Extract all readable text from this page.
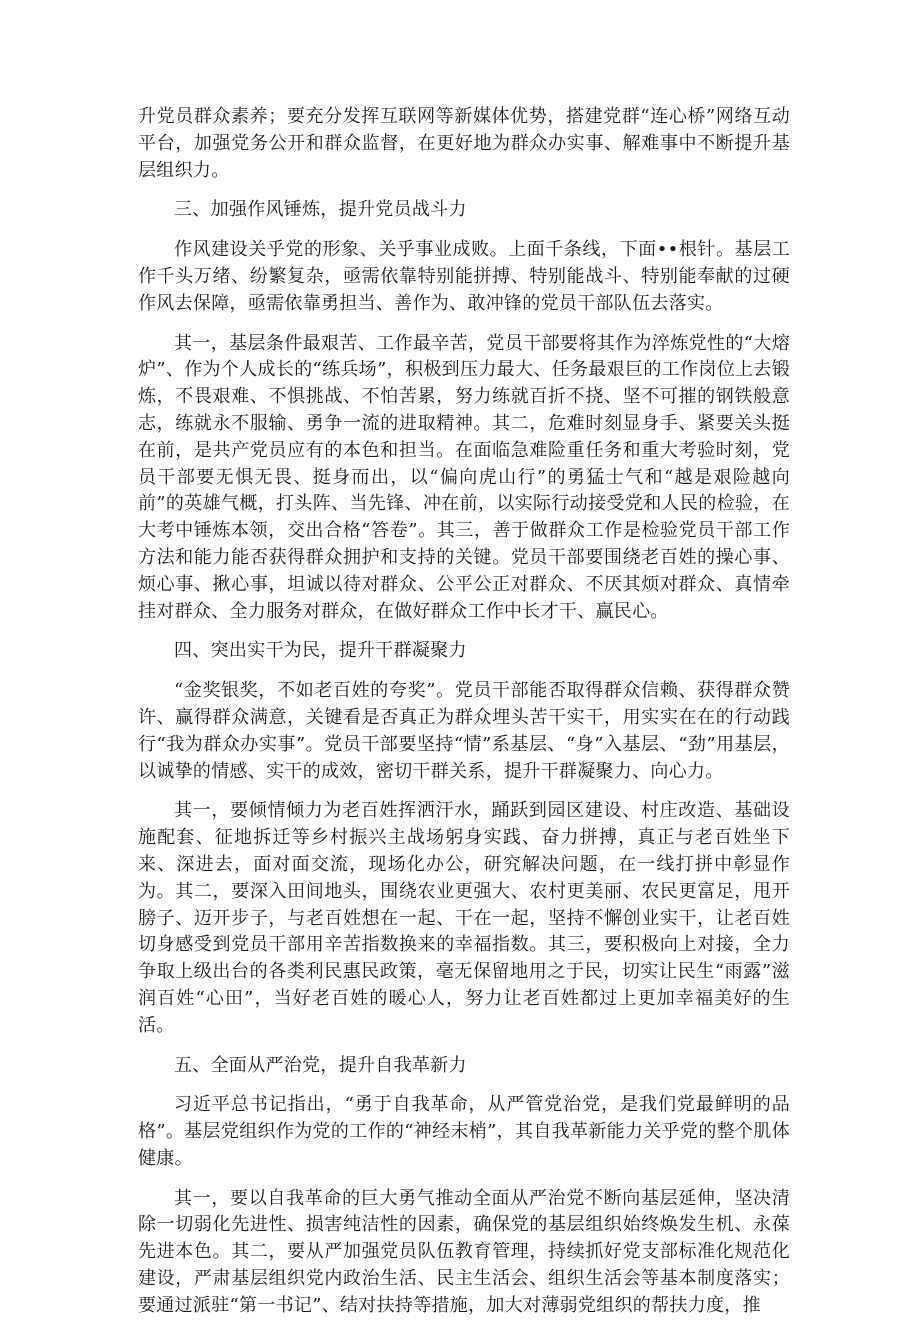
升党员群众素养；要充分发挥互联网等新媒体优势，搭建党群“连心桥”网络互动平台，加强党务公开和群众监督，在更好地为群众办实事、解难事中不断提升基层组织力。

三、加强作风锤炼，提升党员战斗力

作风建设关乎党的形象、关乎事业成败。上面千条线，下面••根针。基层工作千头万绪、纷繁复杂，亟需依靠特别能拼搏、特别能战斗、特别能奉献的过硬作风去保障，亟需依靠勇担当、善作为、敢冲锋的党员干部队伍去落实。

其一，基层条件最艰苦、工作最辛苦，党员干部要将其作为淬炼党性的“大熔炉”、作为个人成长的“练兵场”，积极到压力最大、任务最艰巨的工作岗位上去锻炼，不畏艰难、不惧挑战、不怕苦累，努力练就百折不挠、坚不可摧的钢铁般意志，练就永不服输、勇争一流的进取精神。其二，危难时刻显身手、紧要关头挺在前，是共产党员应有的本色和担当。在面临急难险重任务和重大考验时刻，党员干部要无惧无畏、挺身而出，以“偏向虎山行”的勇猛士气和“越是艰险越向前”的英雄气概，打头阵、当先锋、冲在前，以实际行动接受党和人民的检验，在大考中锤炼本领，交出合格“答卷”。其三，善于做群众工作是检验党员干部工作方法和能力能否获得群众拥护和支持的关键。党员干部要围绕老百姓的操心事、烦心事、揪心事，坦诚以待对群众、公平公正对群众、不厌其烦对群众、真情牵挂对群众、全力服务对群众，在做好群众工作中长才干、赢民心。

四、突出实干为民，提升干群凝聚力

“金奖银奖，不如老百姓的夸奖”。党员干部能否取得群众信赖、获得群众赞许、赢得群众满意，关键看是否真正为群众埋头苦干实干，用实实在在的行动践行“我为群众办实事”。党员干部要坚持“情”系基层、“身”入基层、“劲”用基层，以诚挚的情感、实干的成效，密切干群关系，提升干群凝聚力、向心力。

其一，要倾情倾力为老百姓挥洒汗水，踊跃到园区建设、村庄改造、基础设施配套、征地拆迁等乡村振兴主战场躬身实践、奋力拼搏，真正与老百姓坐下来、深进去，面对面交流，现场化办公，研究解决问题，在一线打拼中彰显作为。其二，要深入田间地头，围绕农业更强大、农村更美丽、农民更富足，甩开膀子、迈开步子，与老百姓想在一起、干在一起，坚持不懈创业实干，让老百姓切身感受到党员干部用辛苦指数换来的幸福指数。其三，要积极向上对接，全力争取上级出台的各类利民惠民政策，毫无保留地用之于民，切实让民生“雨露”滋润百姓“心田”，当好老百姓的暖心人，努力让老百姓都过上更加幸福美好的生活。

五、全面从严治党，提升自我革新力

习近平总书记指出，“勇于自我革命，从严管党治党，是我们党最鲜明的品格”。基层党组织作为党的工作的“神经末梢”，其自我革新能力关乎党的整个肌体健康。

其一，要以自我革命的巨大勇气推动全面从严治党不断向基层延伸，坚决清除一切弱化先进性、损害纯洁性的因素，确保党的基层组织始终焕发生机、永葆先进本色。其二，要从严加强党员队伍教育管理，持续抓好党支部标准化规范化建设，严肃基层组织党内政治生活、民主生活会、组织生活会等基本制度落实；要通过派驻“第一书记”、结对扶持等措施，加大对薄弱党组织的帮扶力度，推
